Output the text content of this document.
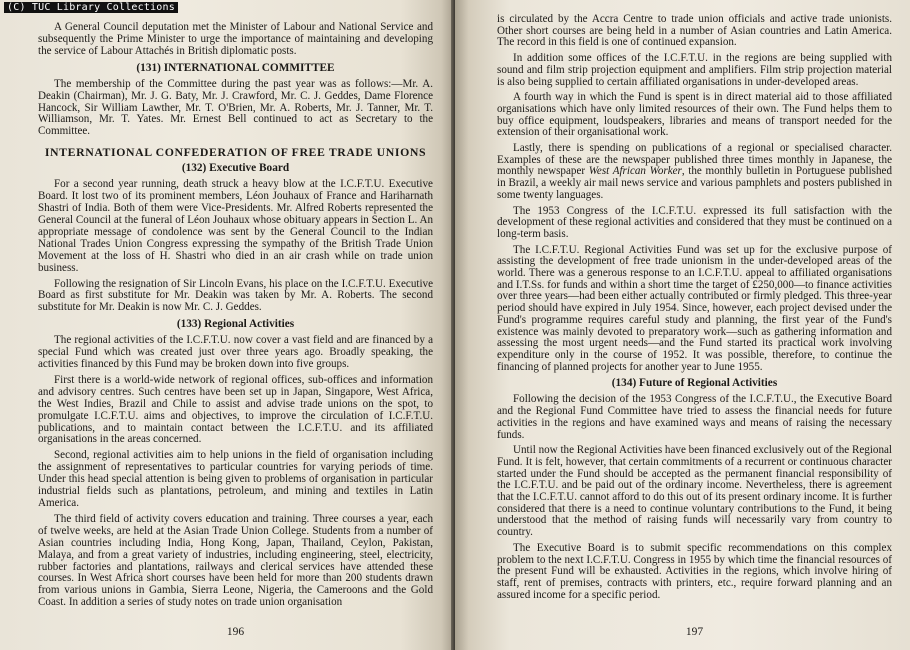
(C) TUC Library Collections

A General Council deputation met the Minister of Labour and National Service and subsequently the Prime Minister to urge the importance of maintaining and developing the service of Labour Attachés in British diplomatic posts.

(131) INTERNATIONAL COMMITTEE

The membership of the Committee during the past year was as follows:—Mr. A. Deakin (Chairman), Mr. J. G. Baty, Mr. J. Crawford, Mr. C. J. Geddes, Dame Florence Hancock, Sir William Lawther, Mr. T. O'Brien, Mr. A. Roberts, Mr. J. Tanner, Mr. T. Williamson, Mr. T. Yates. Mr. Ernest Bell continued to act as Secretary to the Committee.

INTERNATIONAL CONFEDERATION OF FREE TRADE UNIONS
(132) Executive Board

For a second year running, death struck a heavy blow at the I.C.F.T.U. Executive Board. It lost two of its prominent members, Léon Jouhaux of France and Hariharnath Shastri of India. Both of them were Vice-Presidents. Mr. Alfred Roberts represented the General Council at the funeral of Léon Jouhaux whose obituary appears in Section L. An appropriate message of condolence was sent by the General Council to the Indian National Trades Union Congress expressing the sympathy of the British Trade Union Movement at the loss of H. Shastri who died in an air crash while on trade union business.

Following the resignation of Sir Lincoln Evans, his place on the I.C.F.T.U. Executive Board as first substitute for Mr. Deakin was taken by Mr. A. Roberts. The second substitute for Mr. Deakin is now Mr. C. J. Geddes.

(133) Regional Activities

The regional activities of the I.C.F.T.U. now cover a vast field and are financed by a special Fund which was created just over three years ago. Broadly speaking, the activities financed by this Fund may be broken down into five groups.

First there is a world-wide network of regional offices, sub-offices and information and advisory centres. Such centres have been set up in Japan, Singapore, West Africa, the West Indies, Brazil and Chile to assist and advise trade unions on the spot, to promulgate I.C.F.T.U. aims and objectives, to improve the circulation of I.C.F.T.U. publications, and to maintain contact between the I.C.F.T.U. and its affiliated organisations in the areas concerned.

Second, regional activities aim to help unions in the field of organisation including the assignment of representatives to particular countries for varying periods of time. Under this head special attention is being given to problems of organisation in particular industrial fields such as plantations, petroleum, and mining and textiles in Latin America.

The third field of activity covers education and training. Three courses a year, each of twelve weeks, are held at the Asian Trade Union College. Students from a number of Asian countries including India, Hong Kong, Japan, Thailand, Ceylon, Pakistan, Malaya, and from a great variety of industries, including engineering, steel, electricity, rubber factories and plantations, railways and clerical services have attended these courses. In West Africa short courses have been held for more than 200 students drawn from various unions in Gambia, Sierra Leone, Nigeria, the Cameroons and the Gold Coast. In addition a series of study notes on trade union organisation

196

is circulated by the Accra Centre to trade union officials and active trade unionists. Other short courses are being held in a number of Asian countries and Latin America. The record in this field is one of continued expansion.

In addition some offices of the I.C.F.T.U. in the regions are being supplied with sound and film strip projection equipment and amplifiers. Film strip projection material is also being supplied to certain affiliated organisations in under-developed areas.

A fourth way in which the Fund is spent is in direct material aid to those affiliated organisations which have only limited resources of their own. The Fund helps them to buy office equipment, loudspeakers, libraries and means of transport needed for the extension of their organisational work.

Lastly, there is spending on publications of a regional or specialised character. Examples of these are the newspaper published three times monthly in Japanese, the monthly newspaper West African Worker, the monthly bulletin in Portuguese published in Brazil, a weekly air mail news service and various pamphlets and posters published in some twenty languages.

The 1953 Congress of the I.C.F.T.U. expressed its full satisfaction with the development of these regional activities and considered that they must be continued on a long-term basis.

The I.C.F.T.U. Regional Activities Fund was set up for the exclusive purpose of assisting the development of free trade unionism in the under-developed areas of the world. There was a generous response to an I.C.F.T.U. appeal to affiliated organisations and I.T.Ss. for funds and within a short time the target of £250,000—to finance activities over three years—had been either actually contributed or firmly pledged. This three-year period should have expired in July 1954. Since, however, each project devised under the Fund's programme requires careful study and planning, the first year of the Fund's existence was mainly devoted to preparatory work—such as gathering information and assessing the most urgent needs—and the Fund started its practical work involving expenditure only in the course of 1952. It was possible, therefore, to continue the financing of planned projects for another year to June 1955.

(134) Future of Regional Activities

Following the decision of the 1953 Congress of the I.C.F.T.U., the Executive Board and the Regional Fund Committee have tried to assess the financial needs for future activities in the regions and have examined ways and means of raising the necessary funds.

Until now the Regional Activities have been financed exclusively out of the Regional Fund. It is felt, however, that certain commitments of a recurrent or continuous character started under the Fund should be accepted as the permanent financial responsibility of the I.C.F.T.U. and be paid out of the ordinary income. Nevertheless, there is agreement that the I.C.F.T.U. cannot afford to do this out of its present ordinary income. It is further considered that there is a need to continue voluntary contributions to the Fund, it being understood that the method of raising funds will necessarily vary from country to country.

The Executive Board is to submit specific recommendations on this complex problem to the next I.C.F.T.U. Congress in 1955 by which time the financial resources of the present Fund will be exhausted. Activities in the regions, which involve hiring of staff, rent of premises, contracts with printers, etc., require forward planning and an assured income for a specific period.

197
